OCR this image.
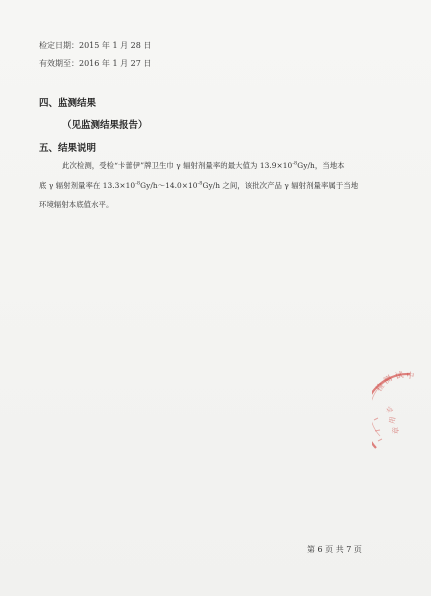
检定日期：2015 年 1 月 28 日
有效期至：2016 年 1 月 27 日
四、监测结果
（见监测结果报告）
五、结果说明
此次检测，受检“卡蕾伊”牌卫生巾 γ 辐射剂量率的最大值为 $13.9\times 10^{-8}Gy/h$，当地本
底 γ 辐射剂量率在 $13.3\times 10^{-8}Gy/h\sim 14.0\times 10^{-8}Gy/h$ 之间，该批次产品 γ 辐射剂量率属于当地
环境辐射本底值水平。
第 6 页 共 7 页
检
测 试 中
专
用
章
